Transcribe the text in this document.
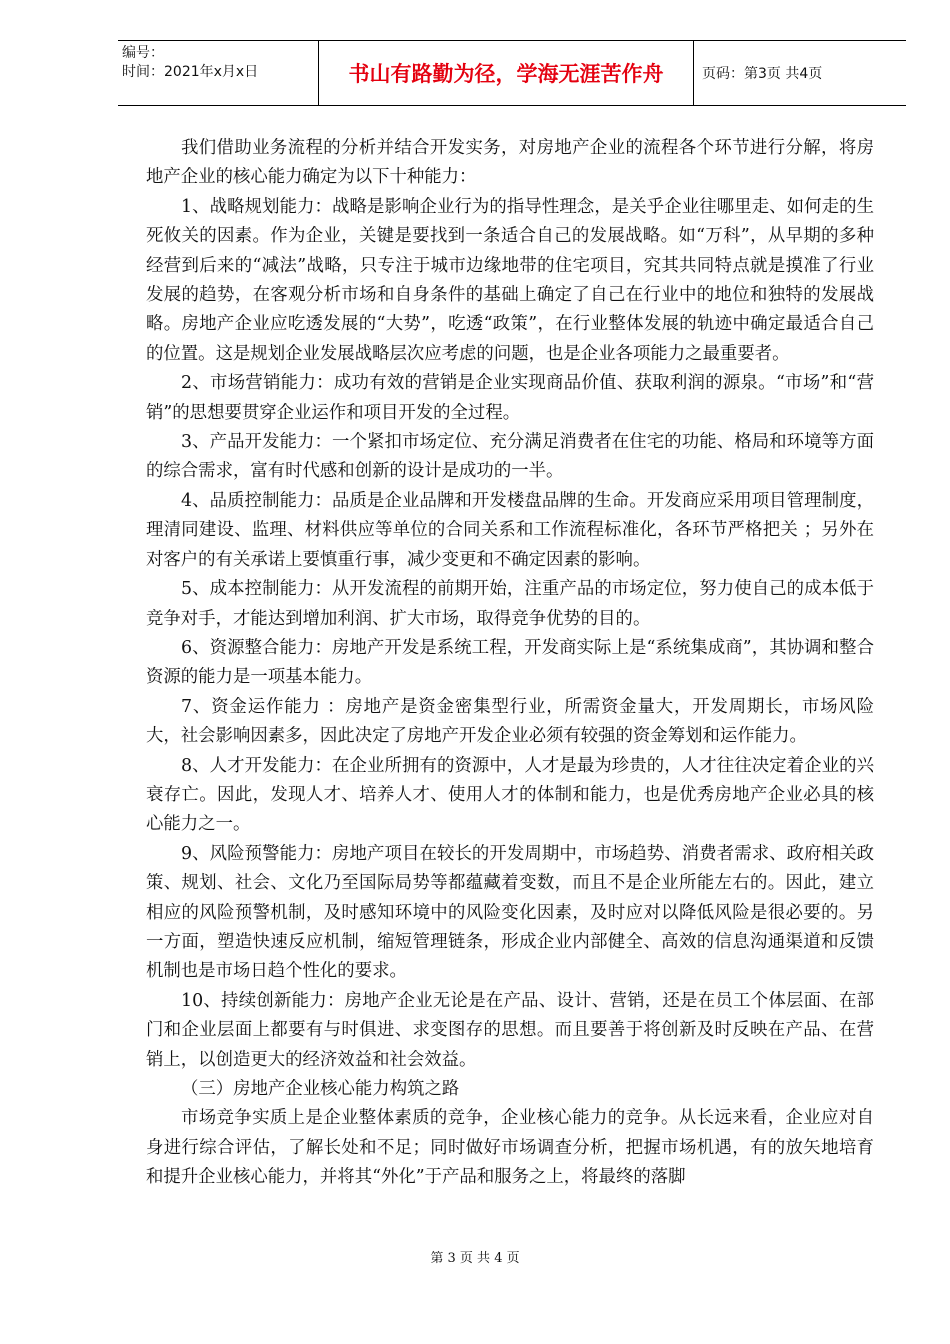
编号：
时间：2021年x月x日	书山有路勤为径，学海无涯苦作舟	页码：第3页 共4页

我们借助业务流程的分析并结合开发实务，对房地产企业的流程各个环节进行分解，将房地产企业的核心能力确定为以下十种能力：

1、战略规划能力：战略是影响企业行为的指导性理念，是关乎企业往哪里走、如何走的生死攸关的因素。作为企业，关键是要找到一条适合自己的发展战略。如“万科”，从早期的多种经营到后来的“减法”战略，只专注于城市边缘地带的住宅项目，究其共同特点就是摸准了行业发展的趋势，在客观分析市场和自身条件的基础上确定了自己在行业中的地位和独特的发展战略。房地产企业应吃透发展的“大势”，吃透“政策”，在行业整体发展的轨迹中确定最适合自己的位置。这是规划企业发展战略层次应考虑的问题，也是企业各项能力之最重要者。

2、市场营销能力：成功有效的营销是企业实现商品价值、获取利润的源泉。“市场”和“营销”的思想要贯穿企业运作和项目开发的全过程。

3、产品开发能力：一个紧扣市场定位、充分满足消费者在住宅的功能、格局和环境等方面的综合需求，富有时代感和创新的设计是成功的一半。

4、品质控制能力：品质是企业品牌和开发楼盘品牌的生命。开发商应采用项目管理制度，理清同建设、监理、材料供应等单位的合同关系和工作流程标准化，各环节严格把关 ；另外在对客户的有关承诺上要慎重行事，减少变更和不确定因素的影响。

5、成本控制能力：从开发流程的前期开始，注重产品的市场定位，努力使自己的成本低于竞争对手，才能达到增加利润、扩大市场，取得竞争优势的目的。

6、资源整合能力：房地产开发是系统工程，开发商实际上是“系统集成商”，其协调和整合资源的能力是一项基本能力。

7、资金运作能力 ：房地产是资金密集型行业，所需资金量大，开发周期长，市场风险大，社会影响因素多，因此决定了房地产开发企业必须有较强的资金筹划和运作能力。

8、人才开发能力：在企业所拥有的资源中，人才是最为珍贵的，人才往往决定着企业的兴衰存亡。因此，发现人才、培养人才、使用人才的体制和能力，也是优秀房地产企业必具的核心能力之一。

9、风险预警能力：房地产项目在较长的开发周期中，市场趋势、消费者需求、政府相关政策、规划、社会、文化乃至国际局势等都蕴藏着变数，而且不是企业所能左右的。因此，建立相应的风险预警机制，及时感知环境中的风险变化因素，及时应对以降低风险是很必要的。另一方面，塑造快速反应机制，缩短管理链条，形成企业内部健全、高效的信息沟通渠道和反馈机制也是市场日趋个性化的要求。

10、持续创新能力：房地产企业无论是在产品、设计、营销，还是在员工个体层面、在部门和企业层面上都要有与时俱进、求变图存的思想。而且要善于将创新及时反映在产品、在营销上，以创造更大的经济效益和社会效益。

（三）房地产企业核心能力构筑之路

市场竞争实质上是企业整体素质的竞争，企业核心能力的竞争。从长远来看，企业应对自身进行综合评估，了解长处和不足；同时做好市场调查分析，把握市场机遇，有的放矢地培育和提升企业核心能力，并将其“外化”于产品和服务之上，将最终的落脚

第 3 页 共 4 页
